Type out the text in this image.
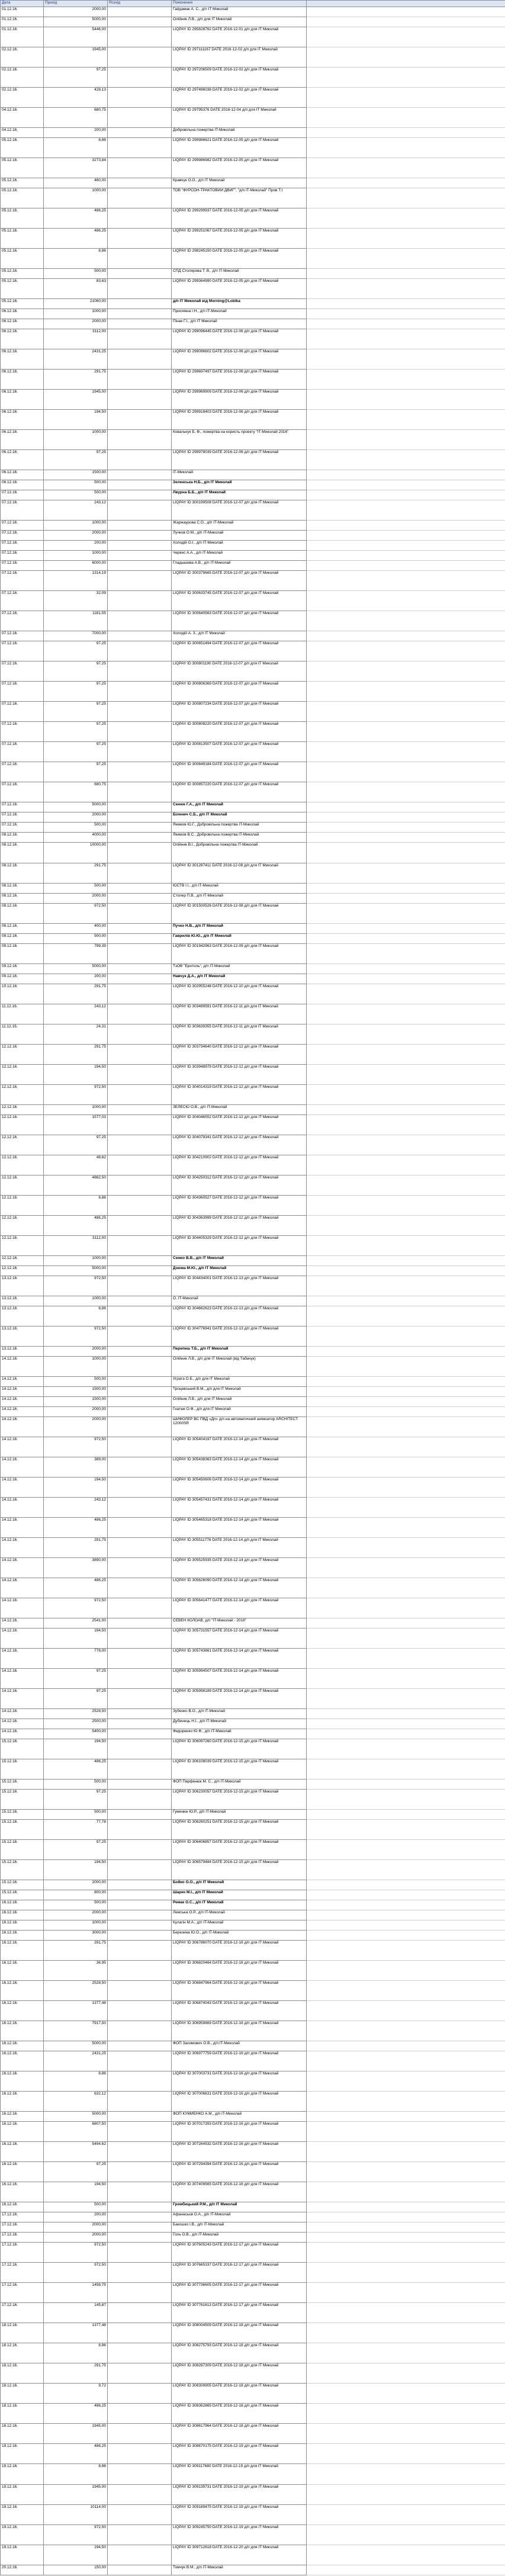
Дата	Прихід	Розхід	Пояснення	
01.12.16.	2000,00		Гайдамак А. С., д/п IT Миколай	
01.12.16.	5000,00		Олійник Л.В., д/п для IT Миколай	
01.12.16.	5446,00		LIQPAY ID 295828762 DATE 2016-12-01 д/п для IT Миколай	
02.12.16.	1945,00		LIQPAY ID 297111167 DATE 2016-12-02 д/п для IT Миколай	
02.12.16.	97,25		LIQPAY ID 297206509 DATE 2016-12-02 д/п для IT Миколай	
02.12.16.	428,13		LIQPAY ID 297486036 DATE 2016-12-02 д/п для IT Миколай	
04.12.16.	680,75		LIQPAY ID 29795376 DATE 2016-12-04 д/п для IT Миколай	
04.12.16.	200,00		Добровільна пожертва IT-Миколай	
05.12.16.	8,86		LIQPAY ID 299986621 DATE 2016-12-05 д/п для IT Миколай	
05.12.16.	3273,84		LIQPAY ID 299986982 DATE 2016-12-05 д/п для IT Миколай	
05.12.16.	460,00		Кравчук О.О., д/п IT Миколай	
05.12.16.	1000,00		ТОВ "ФУРСОН-ТРАКТОВИЙ ДВИГ", "д/п IT-Миколай" Пров Т.І	
05.12.16.	486,25		LIQPAY ID 299299937 DATE 2016-12-05 д/п для IT Миколай	
05.12.16.	486,25		LIQPAY ID 299251067 DATE 2016-12-05 д/п для IT Миколай	
05.12.16.	8,86		LIQPAY ID 298245150 DATE 2016-12-05 д/п для IT Миколай	
05.12.16.	500,00		СПД Столярова Т. В., д/п IT-Миколай	
05.12.16.	83,63		LIQPAY ID 299364990 DATE 2016-12-05 д/п для IT Миколай	
05.12.16.	21060,00		д/п IT Миколай від Morning@Lobika	
06.12.16.	1000,00		Присяжна І.Н., д/п IT-Миколай	
06.12.16.	2000,00		Пінак Г.І., д/п IT Миколай	
06.12.16.	3112,00		LIQPAY ID 299096445 DATE 2016-12-06 д/п для IT Миколай	
06.12.16.	2431,25		LIQPAY ID 299096602 DATE 2016-12-06 д/п для IT Миколай	
06.12.16.	291,75		LIQPAY ID 299697497 DATE 2016-12-06 д/п для IT Миколай	
06.12.16.	1945,00		LIQPAY ID 299969909 DATE 2016-12-06 д/п для IT Миколай	
06.12.16.	194,50		LIQPAY ID 299918403 DATE 2016-12-06 д/п для IT Миколай	
06.12.16.	1000,00		Ковальчук Б. Ф., пожертва на користь проекту "IT-Миколай 2016"	
06.12.16.	97,25		LIQPAY ID 299978039 DATE 2016-12-06 д/п для IT Миколай	
06.12.16.	1500,00		IT-Миколай	
06.12.16.	500,00		Зеленська Н.Б., д/п IT Миколай	
07.12.16.	500,00		Лвурна Б.Б., д/п IT Миколай	
07.12.16.	243,12		LIQPAY ID 300199508 DATE 2016-12-07 д/п для IT Миколай	
07.12.16.	1000,00		Жаржаурова С.О., д/п IT-Миколай	
07.12.16.	2000,00		Лучков О.М., д/п IT-Миколай	
07.12.16.	200,00		Холодій О.І., д/п IT-Миколай	
07.12.16.	1000,00		Черкес А.А., д/п IT-Миколай	
07.12.16.	6000,00		Гладышева А.В., д/п IT-Миколай	
07.12.16.	1314,19		LIQPAY ID 300379665 DATE 2016-12-07 д/п для IT Миколай	
07.12.16.	32,09		LIQPAY ID 300633745 DATE 2016-12-07 д/п для IT Миколай	
07.12.16.	1181,55		LIQPAY ID 300640563 DATE 2016-12-07 д/п для IT Миколай	
07.12.16.	7000,00		Холодій А. З., д/п IT Миколай	
07.12.16.	97,25		LIQPAY ID 300651494 DATE 2016-12-07 д/п для IT Миколай	
07.12.16.	97,25		LIQPAY ID 300801190 DATE 2016-12-07 д/п для IT Миколай	
07.12.16.	97,25		LIQPAY ID 300806369 DATE 2016-12-07 д/п для IT Миколай	
07.12.16.	97,25		LIQPAY ID 300807234 DATE 2016-12-07 д/п для IT Миколай	
07.12.16.	97,25		LIQPAY ID 300808220 DATE 2016-12-07 д/п для IT Миколай	
07.12.16.	97,25		LIQPAY ID 300813507 DATE 2016-12-07 д/п для IT Миколай	
07.12.16.	97,25		LIQPAY ID 300849184 DATE 2016-12-07 д/п для IT Миколай	
07.12.16.	680,75		LIQPAY ID 300857220 DATE 2016-12-07 д/п для IT Миколай	
07.12.16.	5000,00		Сенюк Г.А., д/п IT Миколай	
07.12.16.	2000,00		Біленич С.Б., д/п IT Миколай	
07.12.16.	500,00		Якимов Ю.Г., Добровільна пожертва IT-Миколай	
08.12.16.	4000,00		Якимов В.С., Добровільна пожертва IT-Миколай	
08.12.16.	10000,00		Олійник В.І., Добровільна пожертва IT-Миколай	
08.12.16.	291,75		LIQPAY ID 301287411 DATE 2016-12-08 д/п для IT Миколай	
08.12.16.	500,00		ЮСТВ І.І., д/п IT-Миколай	
08.12.16.	2000,00		Стопер П.В., д/п IT-Миколай	
08.12.16.	972,50		LIQPAY ID 301500526 DATE 2016-12-08 д/п для IT Миколай	
08.12.16.	400,00		Пучко Н.В., д/п IT Миколай	
08.12.16.	500,00		Гаврилів Ю.Ю., д/п IT Миколай	
09.12.16.	799,39		LIQPAY ID 301942963 DATE 2016-12-09 д/п для IT Миколай	
09.12.16.	5000,00		ТзОВ "Ернтоль", д/п IT-Миколай	
09.12.16.	200,00		Навчук Д.А., д/п IT Миколай	
10.12.16.	291,75		LIQPAY ID 302955248 DATE 2016-12-10 д/п для IT Миколай	
11.12.16.	243,12		LIQPAY ID 303489591 DATE 2016-12-11 д/п для IT Миколай	
11.12.16.	24,31		LIQPAY ID 303639355 DATE 2016-12-11 д/п для IT Миколай	
12.12.16.	291,75		LIQPAY ID 303734640 DATE 2016-12-12 д/п для IT Миколай	
12.12.16.	194,50		LIQPAY ID 303948979 DATE 2016-12-12 д/п для IT Миколай	
12.12.16.	972,50		LIQPAY ID 304014319 DATE 2016-12-12 д/п для IT Миколай	
12.12.16.	1000,00		ЗЕЛЕСЮ О.В., д/п IT-Миколай	
12.12.16.	1577,03		LIQPAY ID 304046552 DATE 2016-12-12 д/п для IT Миколай	
12.12.16.	97,25		LIQPAY ID 304079341 DATE 2016-12-12 д/п для IT Миколай	
12.12.16.	48,62		LIQPAY ID 304210902 DATE 2016-12-12 д/п для IT Миколай	
12.12.16.	4862,50		LIQPAY ID 304250312 DATE 2016-12-12 д/п для IT Миколай	
12.12.16.	8,86		LIQPAY ID 304360527 DATE 2016-12-12 д/п для IT Миколай	
12.12.16.	486,25		LIQPAY ID 304363999 DATE 2016-12-12 д/п для IT Миколай	
12.12.16.	3112,00		LIQPAY ID 304405329 DATE 2016-12-12 д/п для IT Миколай	
12.12.16.	1000,00		Семко В.В., д/п IT Миколай	
12.12.16.	5000,00		Дзюма М.Ю., д/п IT Миколай	
13.12.16.	972,50		LIQPAY ID 304434001 DATE 2016-12-13 д/п для IT Миколай	
13.12.16.	1000,00		О, IT-Миколай	
13.12.16.	8,86		LIQPAY ID 304662623 DATE 2016-12-13 д/п для IT Миколай	
13.12.16.	972,50		LIQPAY ID 304776941 DATE 2016-12-13 д/п для IT Миколай	
13.12.16.	2000,00		Перепиш Т.Б., д/п IT Миколай	
14.12.16.	1000,00		Олійник Л.В., д/п для IT Миколай (від Табачук)	
14.12.16.	500,00		Уграта О.Б., д/п для IT Миколай	
14.12.16.	1500,00		Троцевський В.М., д/п для IT Миколай	
14.12.16.	1500,00		Олійник Л.В., д/п для IT Миколай	
14.12.16.	2000,00		Гнатюк О.Ф., д/п для IT Миколай	
14.12.16.	2000,00		ШИФОЛЕР ВС ПВД «Дп» д/п на автоматичний анімоатор ARCHITECT 12000SR	
14.12.16.	972,50		LIQPAY ID 305404197 DATE 2016-12-14 д/п для IT Миколай	
14.12.16.	389,00		LIQPAY ID 305438363 DATE 2016-12-14 д/п для IT Миколай	
14.12.16.	194,50		LIQPAY ID 305450606 DATE 2016-12-14 д/п для IT Миколай	
14.12.16.	243,12		LIQPAY ID 305457431 DATE 2016-12-14 д/п для IT Миколай	
14.12.16.	486,25		LIQPAY ID 305465318 DATE 2016-12-14 д/п для IT Миколай	
14.12.16.	291,75		LIQPAY ID 305511776 DATE 2016-12-14 д/п для IT Миколай	
14.12.16.	3890,00		LIQPAY ID 305525935 DATE 2016-12-14 д/п для IT Миколай	
14.12.16.	486,25		LIQPAY ID 305626090 DATE 2016-12-14 д/п для IT Миколай	
14.12.16.	972,50		LIQPAY ID 305641477 DATE 2016-12-14 д/п для IT Миколай	
14.12.16.	2541,00		СЕВЕН КОЛОАВ, д/п "IT-Миколай - 2016"	
14.12.16.	194,50		LIQPAY ID 305731557 DATE 2016-12-14 д/п для IT Миколай	
14.12.16.	778,00		LIQPAY ID 305743861 DATE 2016-12-14 д/п для IT Миколай	
14.12.16.	97,25		LIQPAY ID 305994507 DATE 2016-12-14 д/п для IT Миколай	
14.12.16.	97,25		LIQPAY ID 305998189 DATE 2016-12-14 д/п для IT Миколай	
14.12.16.	2528,50		Зубенко В.О., д/п IT-Миколай	
14.12.16.	2500,00		Дубенець Н.І., д/п IT-Миколай	
14.12.16.	5400,00		Федоренко Ю.Ф., д/п IT-Миколай	
15.12.16.	194,50		LIQPAY ID 306097260 DATE 2016-12-15 д/п для IT Миколай	
15.12.16.	486,25		LIQPAY ID 306108039 DATE 2016-12-15 д/п для IT Миколай	
15.12.16.	500,00		ФОП Парфенюк М. С., д/п IT-Миколай	
15.12.16.	97,25		LIQPAY ID 306230057 DATE 2016-12-15 д/п для IT Миколай	
15.12.16.	500,00		Гуменюк Ю.Р., д/п IT-Миколай	
15.12.16.	77,78		LIQPAY ID 306260251 DATE 2016-12-15 д/п для IT Миколай	
15.12.16.	97,25		LIQPAY ID 306406857 DATE 2016-12-15 д/п для IT Миколай	
15.12.16.	194,50		LIQPAY ID 306579484 DATE 2016-12-15 д/п для IT Миколай	
15.12.16.	2000,00		Бойко О.О., д/п IT Миколай	
15.12.16.	800,00		Шарко М.І., д/п IT Миколай	
16.12.16.	500,00		Ремак О.С., д/п IT Миколай	
16.12.16.	2000,00		Лемська О.Р., д/п IT-Миколай	
16.12.16.	1000,00		Кулагін М.А., д/п IT-Миколай	
16.12.16.	3000,00		Березина Ю.О., д/п IT-Миколай	
16.12.16.	291,75		LIQPAY ID 306786070 DATE 2016-12-16 д/п для IT Миколай	
16.12.16.	36,95		LIQPAY ID 306820464 DATE 2016-12-16 д/п для IT Миколай	
16.12.16.	2528,50		LIQPAY ID 306847964 DATE 2016-12-16 д/п для IT Миколай	
16.12.16.	1377,48		LIQPAY ID 306874043 DATE 2016-12-16 д/п для IT Миколай	
16.12.16.	7917,50		LIQPAY ID 306959869 DATE 2016-12-16 д/п для IT Миколай	
16.12.16.	5000,00		ФОП Засимович О.В., д/п IT-Миколай	
16.12.16.	2431,25		LIQPAY ID 306977759 DATE 2016-12-16 д/п для IT Миколай	
16.12.16.	8,86		LIQPAY ID 307003731 DATE 2016-12-16 д/п для IT Миколай	
16.12.16.	632,12		LIQPAY ID 307006631 DATE 2016-12-16 д/п для IT Миколай	
16.12.16.	5000,00		ФОП КУМИЕНКО А.М., д/п IT-Миколай	
16.12.16.	6807,50		LIQPAY ID 307017393 DATE 2016-12-16 д/п для IT Миколай	
16.12.16.	5494,62		LIQPAY ID 307264532 DATE 2016-12-16 д/п для IT Миколай	
16.12.16.	97,25		LIQPAY ID 307294394 DATE 2016-12-16 д/п для IT Миколай	
16.12.16.	194,50		LIQPAY ID 307409565 DATE 2016-12-16 д/п для IT Миколай	
16.12.16.	500,00		Громбицький Р.М., д/п IT Миколай	
17.12.16.	200,00		Афанасьєв О.А., д/п IT-Миколай	
17.12.16.	2000,00		Бакошко І.В., д/п IT-Миколай	
17.12.16.	2000,00		Голь О.В., д/п IT-Миколай	
17.12.16.	972,50		LIQPAY ID 307605243 DATE 2016-12-17 д/п для IT Миколай	
17.12.16.	972,50		LIQPAY ID 307665337 DATE 2016-12-17 д/п для IT Миколай	
17.12.16.	1458,75		LIQPAY ID 307736605 DATE 2016-12-17 д/п для IT Миколай	
17.12.16.	145,87		LIQPAY ID 307761613 DATE 2016-12-17 д/п для IT Миколай	
18.12.16.	1377,48		LIQPAY ID 308004509 DATE 2016-12-18 д/п для IT Миколай	
18.12.16.	8,86		LIQPAY ID 308275793 DATE 2016-12-18 д/п для IT Миколай	
18.12.16.	291,75		LIQPAY ID 308287309 DATE 2016-12-18 д/п для IT Миколай	
18.12.16.	9,72		LIQPAY ID 308309905 DATE 2016-12-18 д/п для IT Миколай	
18.12.16.	486,25		LIQPAY ID 308362865 DATE 2016-12-18 д/п для IT Миколай	
18.12.16.	1945,00		LIQPAY ID 308617964 DATE 2016-12-18 д/п для IT Миколай	
19.12.16.	486,25		LIQPAY ID 308670175 DATE 2016-12-19 д/п для IT Миколай	
19.12.16.	8,86		LIQPAY ID 309117680 DATE 2016-12-19 д/п для IT Миколай	
19.12.16.	1945,00		LIQPAY ID 309139731 DATE 2016-12-19 д/п для IT Миколай	
19.12.16.	10114,00		LIQPAY ID 309189475 DATE 2016-12-19 д/п для IT Миколай	
19.12.16.	972,50		LIQPAY ID 309245750 DATE 2016-12-19 д/п для IT Миколай	
19.12.16.	194,50		LIQPAY ID 309712618 DATE 2016-12-20 д/п для IT Миколай	
20.12.16.	150,00		Томчук В.М., д/п IT-Миколай	
